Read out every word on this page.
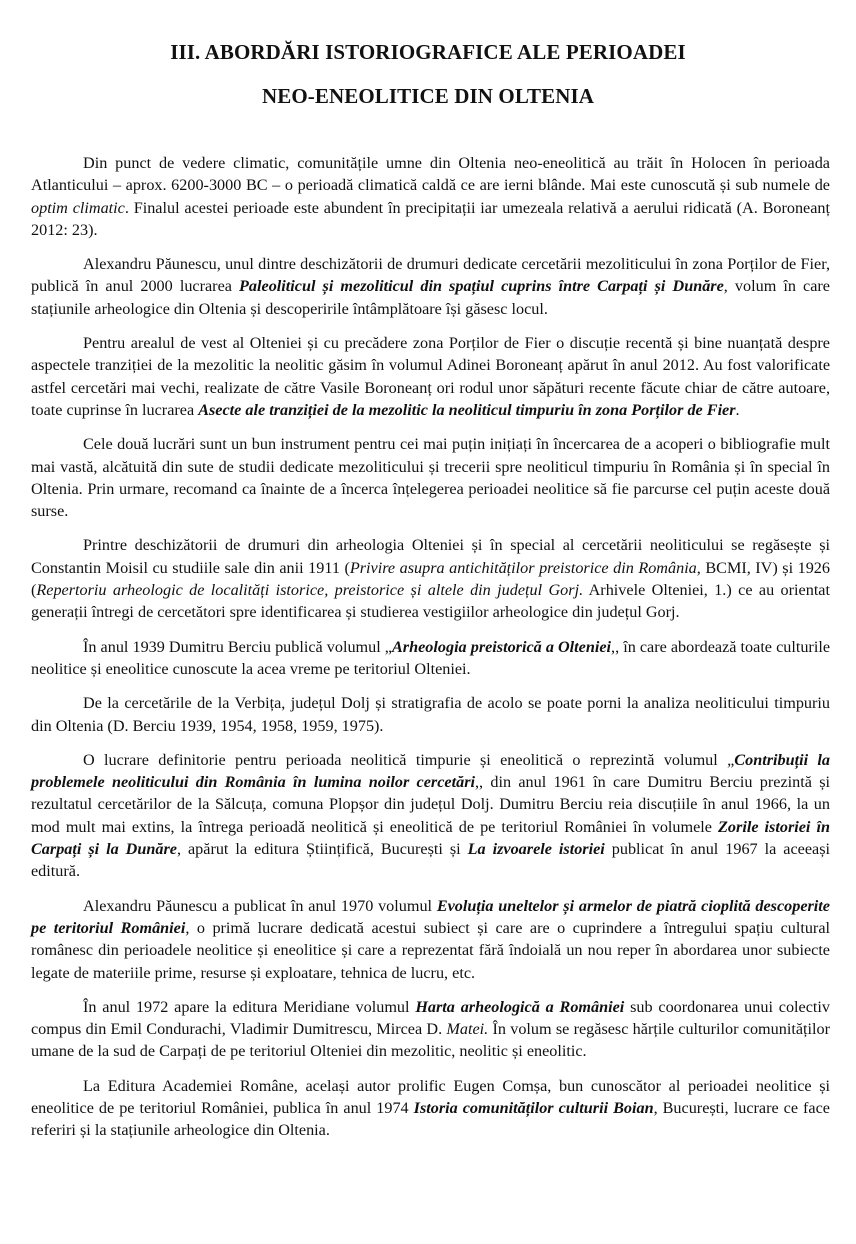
III. ABORDĂRI ISTORIOGRAFICE ALE PERIOADEI
NEO-ENEOLITICE DIN OLTENIA

Din punct de vedere climatic, comunitățile umne din Oltenia neo-eneolitică au trăit în Holocen în perioada Atlanticului – aprox. 6200-3000 BC – o perioadă climatică caldă ce are ierni blânde. Mai este cunoscută și sub numele de optim climatic. Finalul acestei perioade este abundent în precipitații iar umezeala relativă a aerului ridicată (A. Boroneanț 2012: 23).

Alexandru Păunescu, unul dintre deschizătorii de drumuri dedicate cercetării mezoliticului în zona Porților de Fier, publică în anul 2000 lucrarea Paleoliticul și mezoliticul din spațiul cuprins între Carpați și Dunăre, volum în care stațiunile arheologice din Oltenia și descoperirile întâmplătoare își găsesc locul.

Pentru arealul de vest al Olteniei și cu precădere zona Porților de Fier o discuție recentă și bine nuanțată despre aspectele tranziției de la mezolitic la neolitic găsim în volumul Adinei Boroneanț apărut în anul 2012. Au fost valorificate astfel cercetări mai vechi, realizate de către Vasile Boroneanț ori rodul unor săpături recente făcute chiar de către autoare, toate cuprinse în lucrarea Asecte ale tranziției de la mezolitic la neoliticul timpuriu în zona Porților de Fier.

Cele două lucrări sunt un bun instrument pentru cei mai puțin inițiați în încercarea de a acoperi o bibliografie mult mai vastă, alcătuită din sute de studii dedicate mezoliticului și trecerii spre neoliticul timpuriu în România și în special în Oltenia. Prin urmare, recomand ca înainte de a încerca înțelegerea perioadei neolitice să fie parcurse cel puțin aceste două surse.

Printre deschizătorii de drumuri din arheologia Olteniei și în special al cercetării neoliticului se regăsește și Constantin Moisil cu studiile sale din anii 1911 (Privire asupra antichităților preistorice din România, BCMI, IV) și 1926 (Repertoriu arheologic de localități istorice, preistorice și altele din județul Gorj. Arhivele Olteniei, 1.) ce au orientat generații întregi de cercetători spre identificarea și studierea vestigiilor arheologice din județul Gorj.

În anul 1939 Dumitru Berciu publică volumul „Arheologia preistorică a Olteniei,, în care abordează toate culturile neolitice și eneolitice cunoscute la acea vreme pe teritoriul Olteniei.

De la cercetările de la Verbița, județul Dolj și stratigrafia de acolo se poate porni la analiza neoliticului timpuriu din Oltenia (D. Berciu 1939, 1954, 1958, 1959, 1975).

O lucrare definitorie pentru perioada neolitică timpurie și eneolitică o reprezintă volumul „Contribuții la problemele neoliticului din România în lumina noilor cercetări,, din anul 1961 în care Dumitru Berciu prezintă și rezultatul cercetărilor de la Sălcuța, comuna Plopșor din județul Dolj. Dumitru Berciu reia discuțiile în anul 1966, la un mod mult mai extins, la întrega perioadă neolitică și eneolitică de pe teritoriul României în volumele Zorile istoriei în Carpați și la Dunăre, apărut la editura Științifică, București și La izvoarele istoriei publicat în anul 1967 la aceeași editură.

Alexandru Păunescu a publicat în anul 1970 volumul Evoluția uneltelor și armelor de piatră cioplită descoperite pe teritoriul României, o primă lucrare dedicată acestui subiect și care are o cuprindere a întregului spațiu cultural românesc din perioadele neolitice și eneolitice și care a reprezentat fără îndoială un nou reper în abordarea unor subiecte legate de materiile prime, resurse și exploatare, tehnica de lucru, etc.

În anul 1972 apare la editura Meridiane volumul Harta arheologică a României sub coordonarea unui colectiv compus din Emil Condurachi, Vladimir Dumitrescu, Mircea D. Matei. În volum se regăsesc hărțile culturilor comunităților umane de la sud de Carpați de pe teritoriul Olteniei din mezolitic, neolitic și eneolitic.

La Editura Academiei Române, același autor prolific Eugen Comșa, bun cunoscător al perioadei neolitice și eneolitice de pe teritoriul României, publica în anul 1974 Istoria comunităților culturii Boian, București, lucrare ce face referiri și la stațiunile arheologice din Oltenia.
